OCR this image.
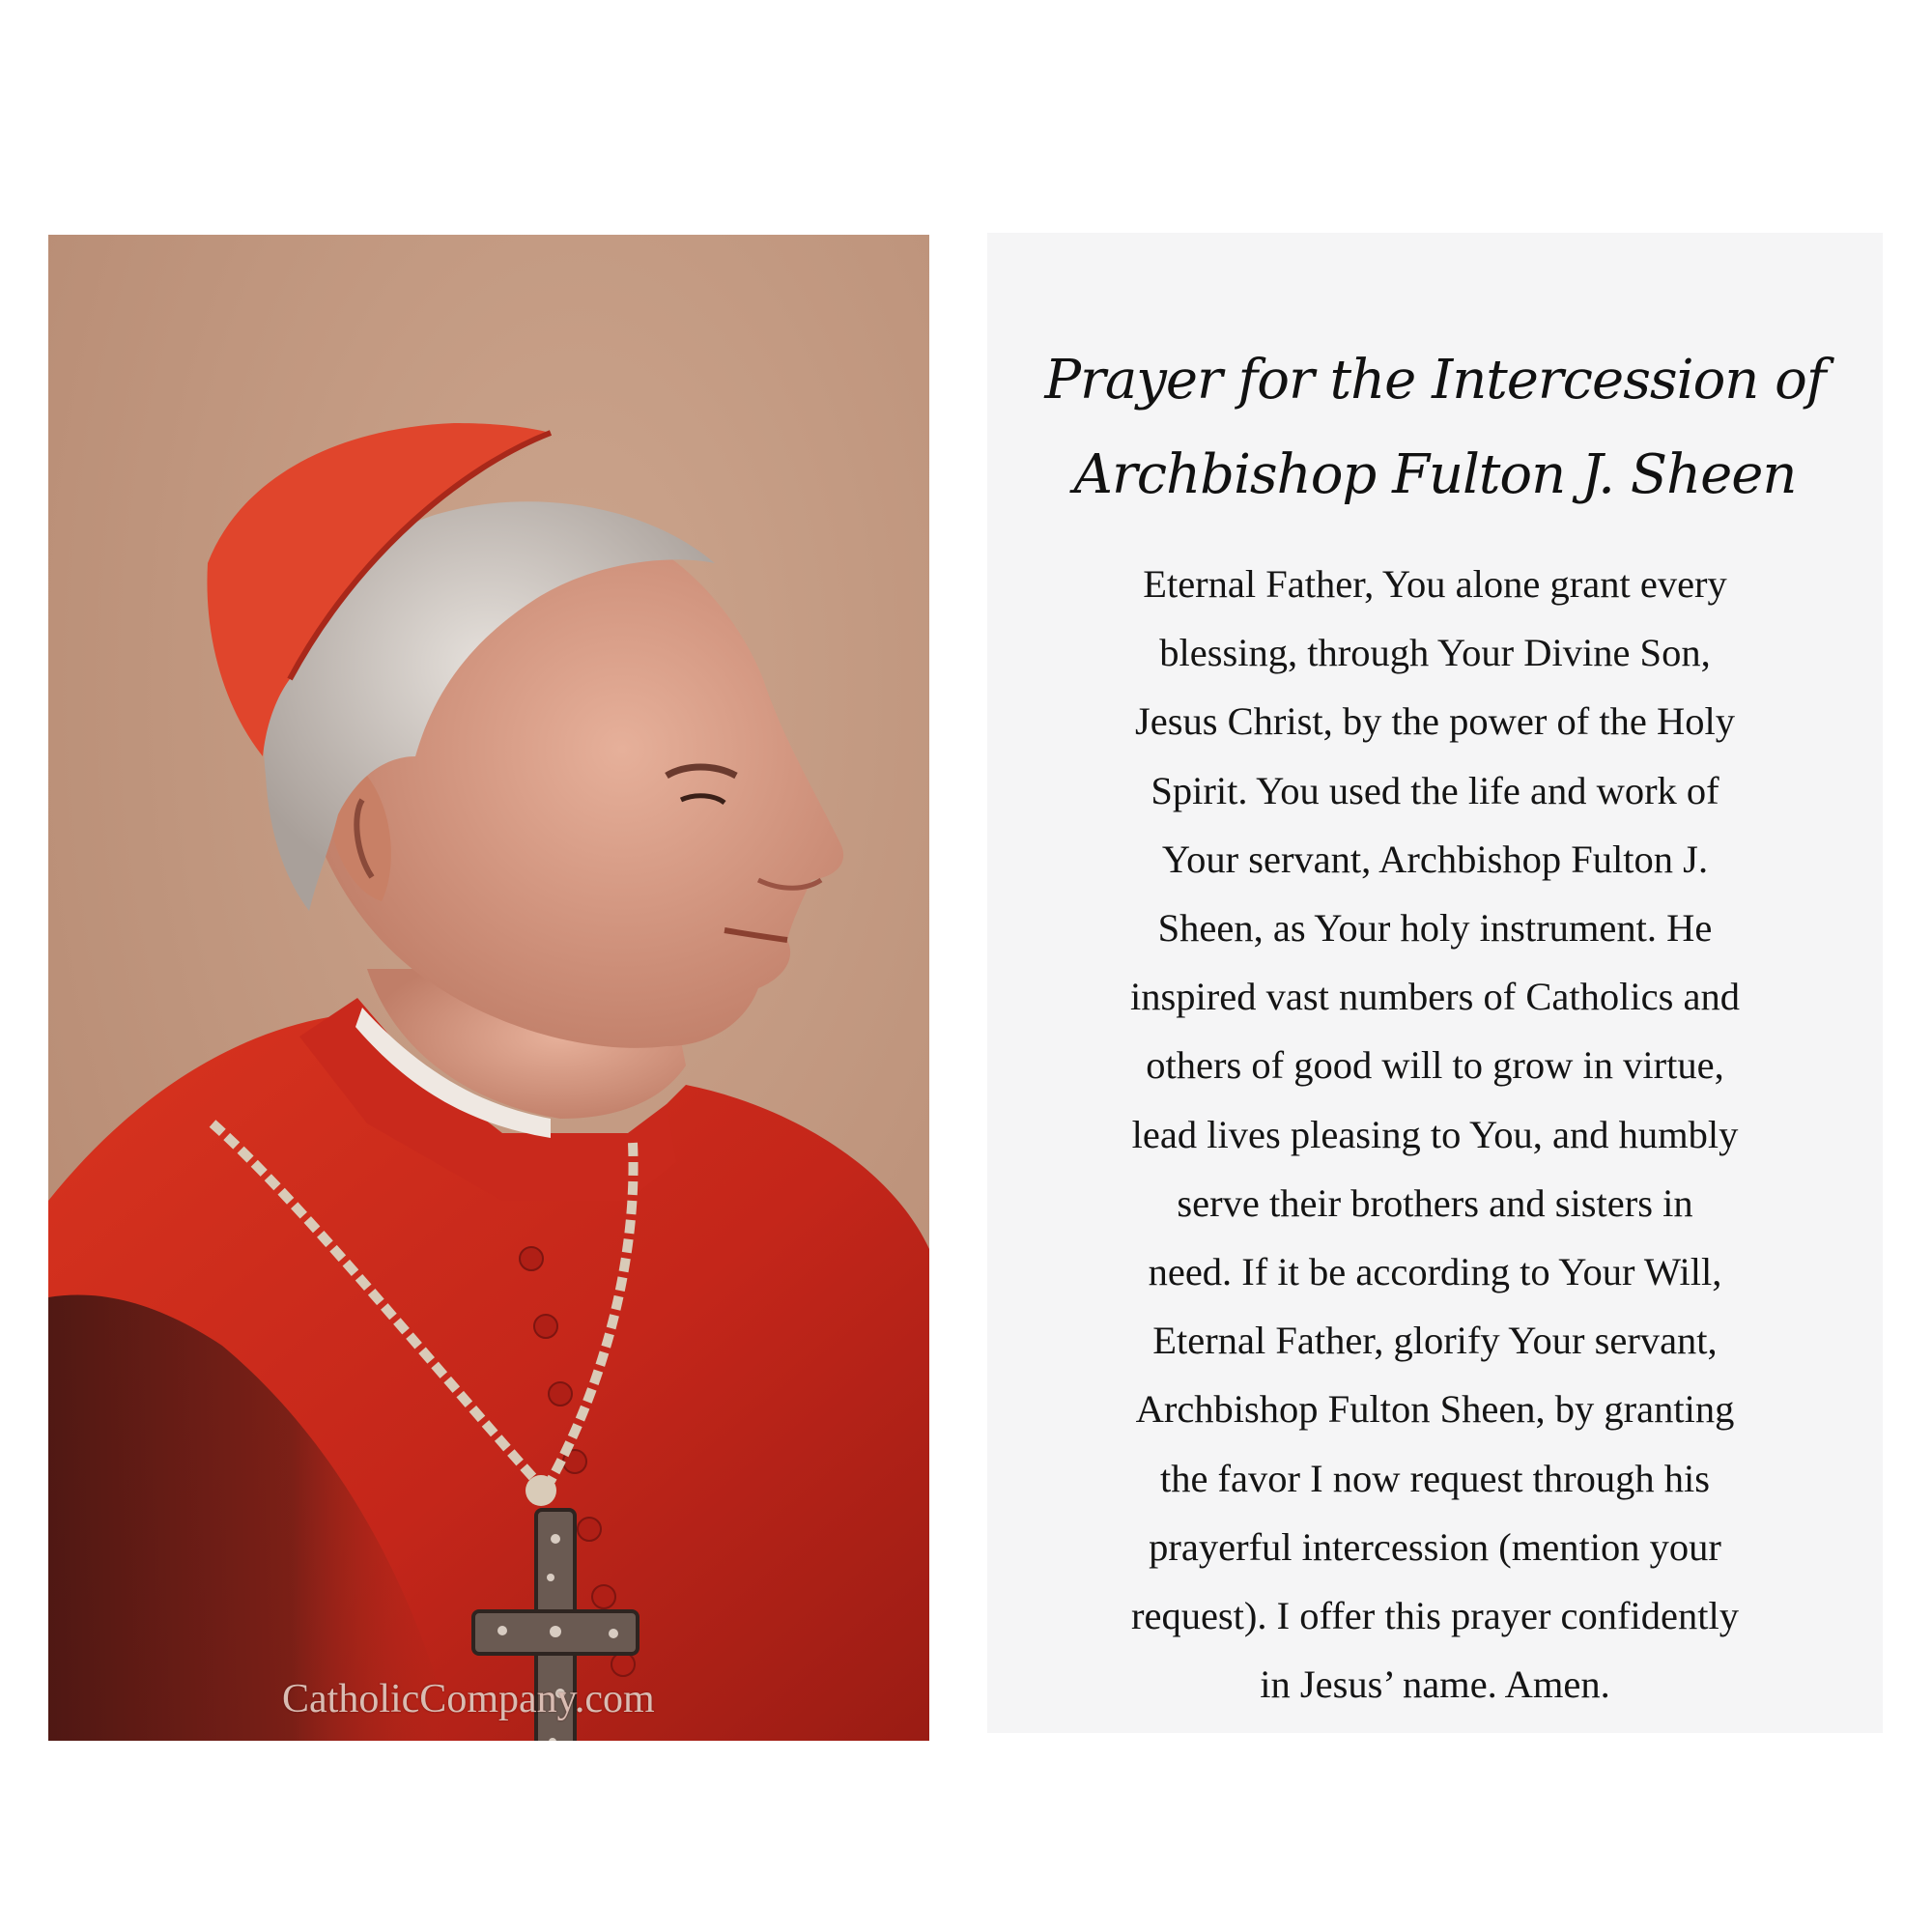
CatholicCompany.com
Prayer for the Intercession of
Archbishop Fulton J. Sheen
Eternal Father, You alone grant every
blessing, through Your Divine Son,
Jesus Christ, by the power of the Holy
Spirit. You used the life and work of
Your servant, Archbishop Fulton J.
Sheen, as Your holy instrument. He
inspired vast numbers of Catholics and
others of good will to grow in virtue,
lead lives pleasing to You, and humbly
serve their brothers and sisters in
need. If it be according to Your Will,
Eternal Father, glorify Your servant,
Archbishop Fulton Sheen, by granting
the favor I now request through his
prayerful intercession (mention your
request). I offer this prayer confidently
in Jesus’ name. Amen.
